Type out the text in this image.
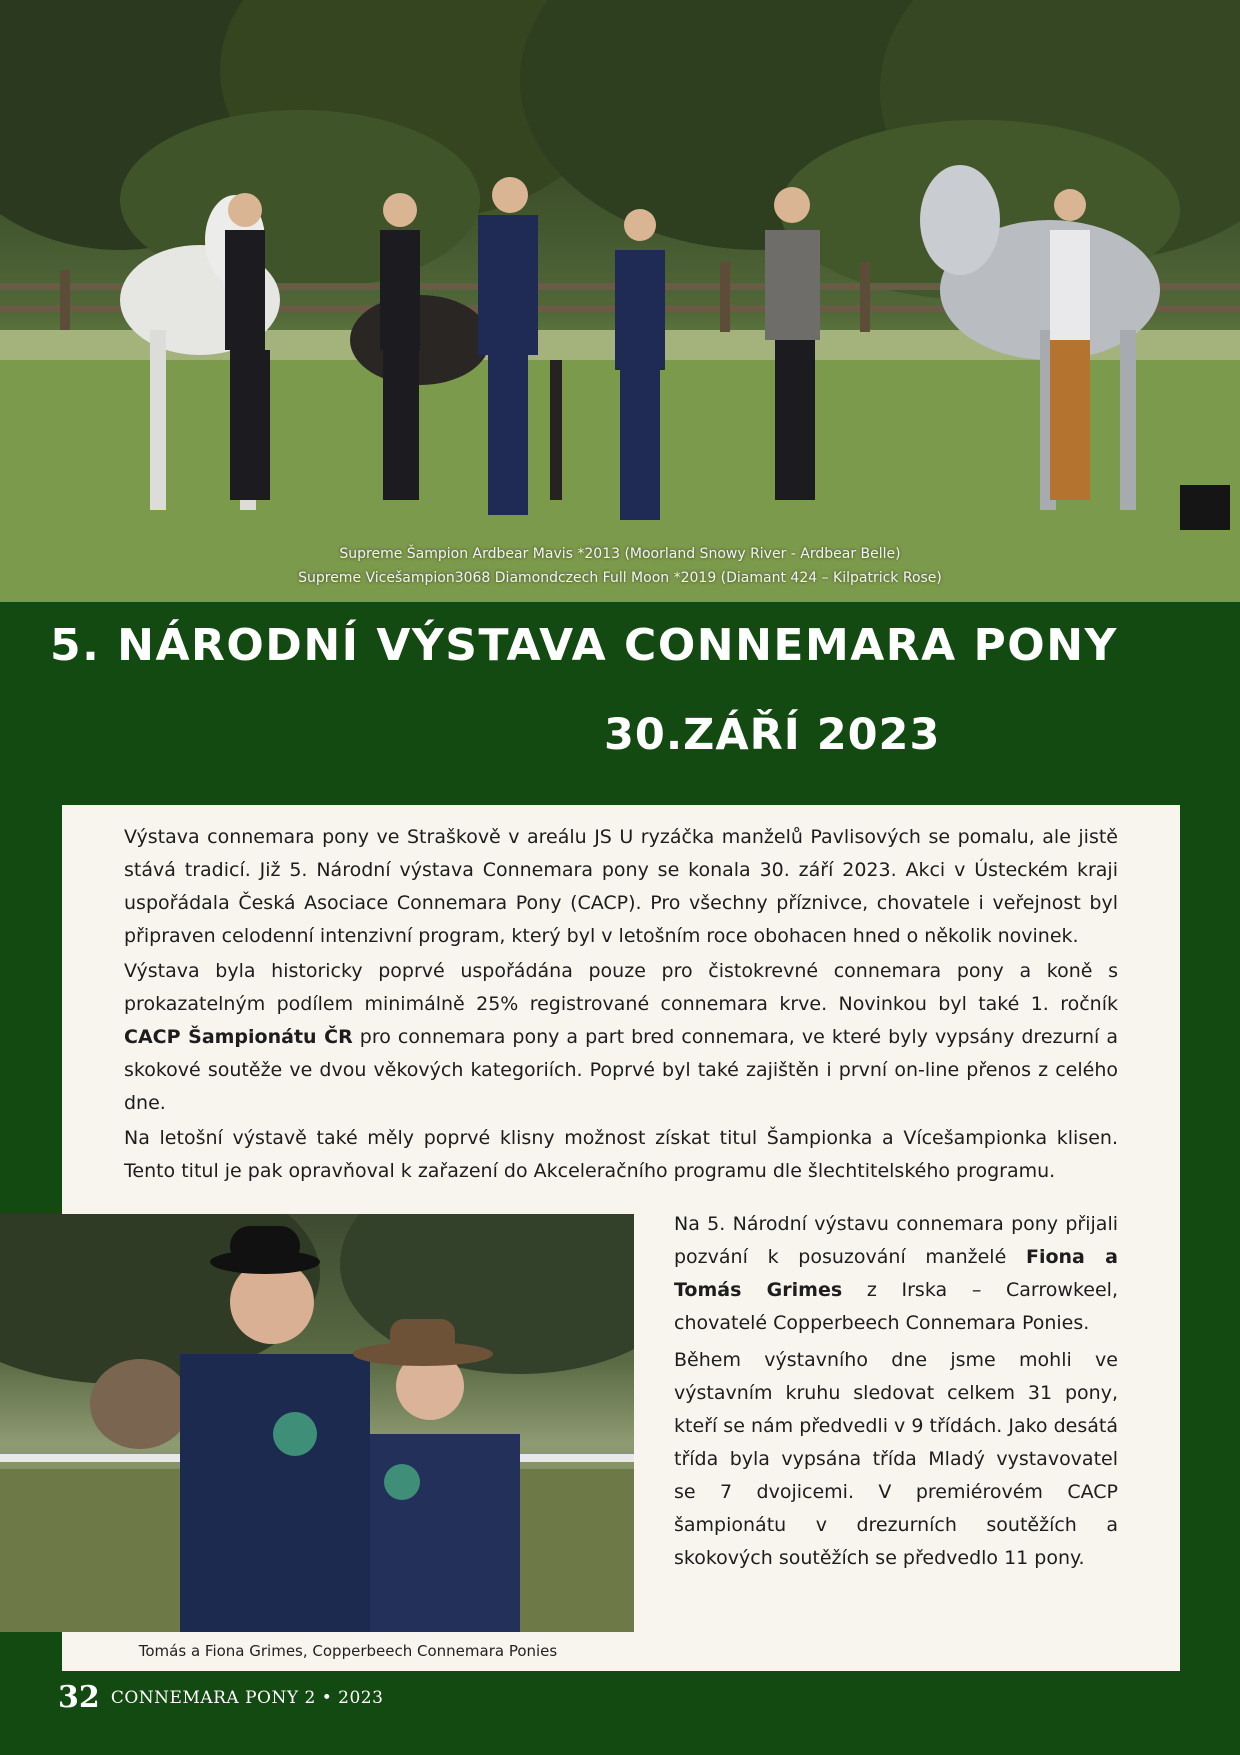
Supreme Šampion Ardbear Mavis *2013 (Moorland Snowy River - Ardbear Belle)
Supreme Vicešampion3068 Diamondczech Full Moon *2019 (Diamant 424 – Kilpatrick Rose)
5. NÁRODNÍ VÝSTAVA CONNEMARA PONY
30.ZÁŘÍ 2023

Výstava connemara pony ve Straškově v areálu JS U ryzáčka manželů Pavlisových se pomalu, ale jistě stává tradicí. Již 5. Národní výstava Connemara pony se konala 30. září 2023. Akci v Ústeckém kraji uspořádala Česká Asociace Connemara Pony (CACP). Pro všechny příznivce, chovatele i veřejnost byl připraven celodenní intenzivní program, který byl v letošním roce obohacen hned o několik novinek.

Výstava byla historicky poprvé uspořádána pouze pro čistokrevné connemara pony a koně s prokazatelným podílem minimálně 25% registrované connemara krve. Novinkou byl také 1. ročník CACP Šampionátu ČR pro connemara pony a part bred connemara, ve které byly vypsány drezurní a skokové soutěže ve dvou věkových kategoriích. Poprvé byl také zajištěn i první on-line přenos z celého dne.

Na letošní výstavě také měly poprvé klisny možnost získat titul Šampionka a Vícešampionka klisen. Tento titul je pak opravňoval k zařazení do Akceleračního programu dle šlechtitelského programu.

Na 5. Národní výstavu connemara pony přijali pozvání k posuzování manželé Fiona a Tomás Grimes z Irska – Carrowkeel, chovatelé Copperbeech Connemara Ponies.

Během výstavního dne jsme mohli ve výstavním kruhu sledovat celkem 31 pony, kteří se nám předvedli v 9 třídách. Jako desátá třída byla vypsána třída Mladý vystavovatel se 7 dvojicemi. V premiérovém CACP šampionátu v drezurních soutěžích a skokových soutěžích se předvedlo 11 pony.

Tomás a Fiona Grimes, Copperbeech Connemara Ponies
32 CONNEMARA PONY 2 • 2023
